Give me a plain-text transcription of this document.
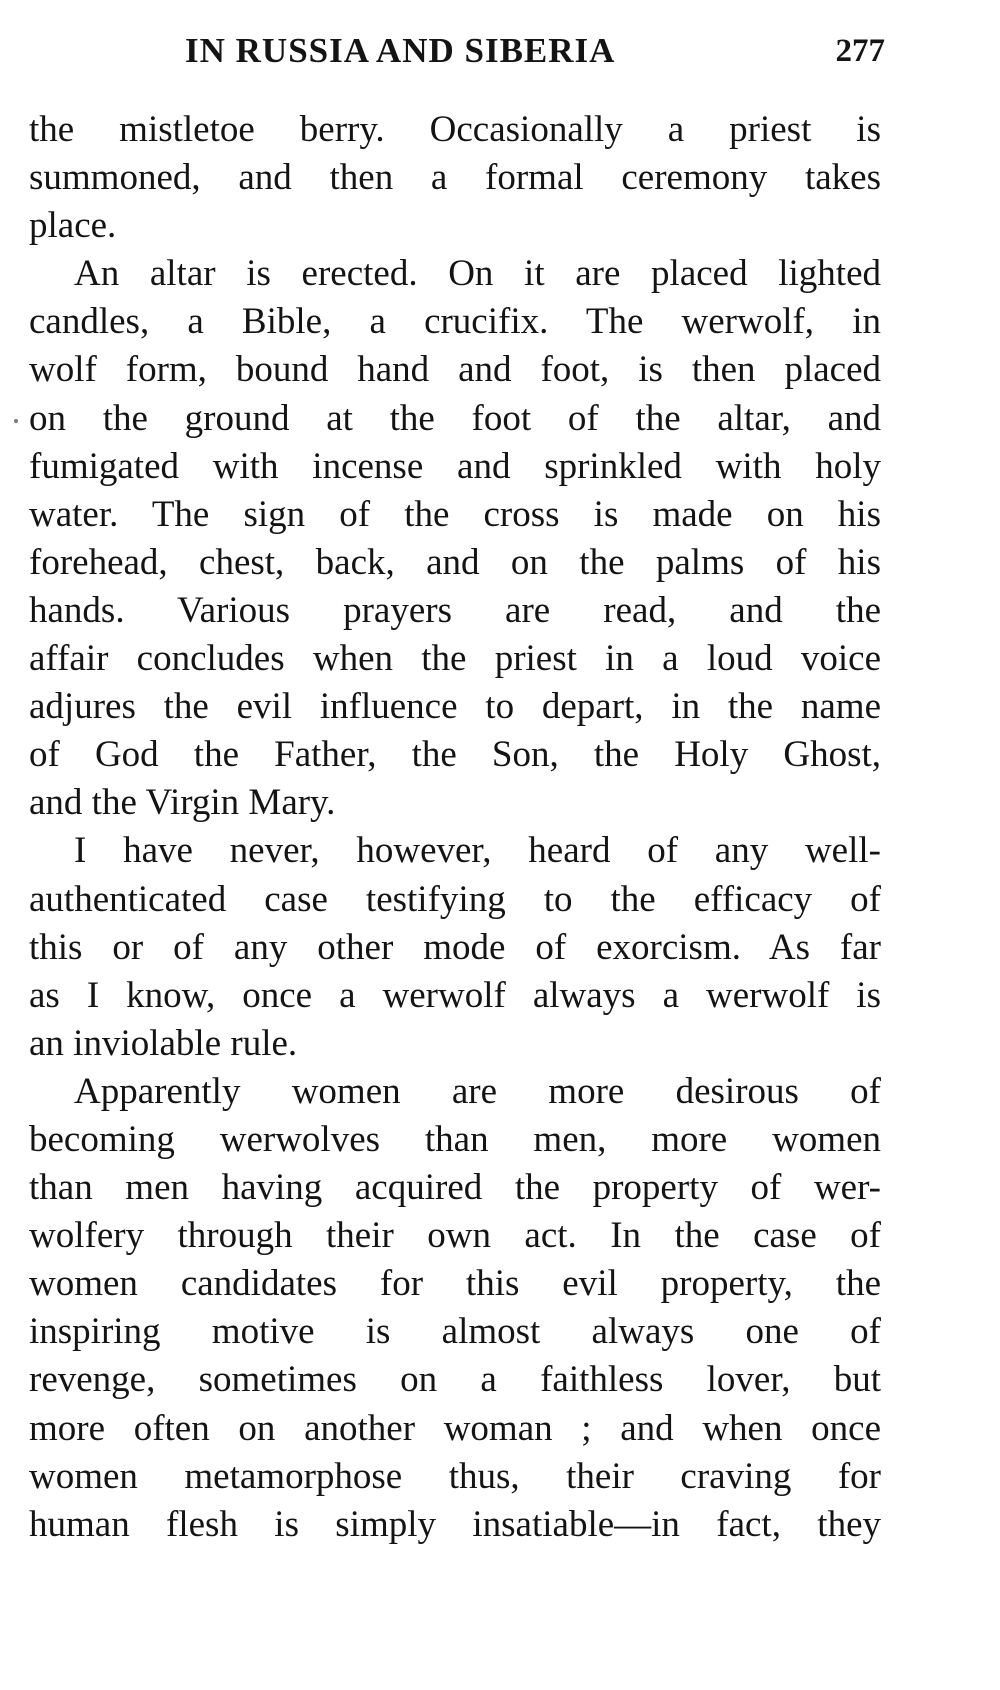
IN RUSSIA AND SIBERIA	277
the mistletoe berry. Occasionally a priest is
summoned, and then a formal ceremony takes
place.
An altar is erected. On it are placed lighted
candles, a Bible, a crucifix. The werwolf, in
wolf form, bound hand and foot, is then placed
on the ground at the foot of the altar, and
fumigated with incense and sprinkled with holy
water. The sign of the cross is made on his
forehead, chest, back, and on the palms of his
hands. Various prayers are read, and the
affair concludes when the priest in a loud voice
adjures the evil influence to depart, in the name
of God the Father, the Son, the Holy Ghost,
and the Virgin Mary.
I have never, however, heard of any well-
authenticated case testifying to the efficacy of
this or of any other mode of exorcism. As far
as I know, once a werwolf always a werwolf is
an inviolable rule.
Apparently women are more desirous of
becoming werwolves than men, more women
than men having acquired the property of wer-
wolfery through their own act. In the case of
women candidates for this evil property, the
inspiring motive is almost always one of
revenge, sometimes on a faithless lover, but
more often on another woman ; and when once
women metamorphose thus, their craving for
human flesh is simply insatiable—in fact, they
